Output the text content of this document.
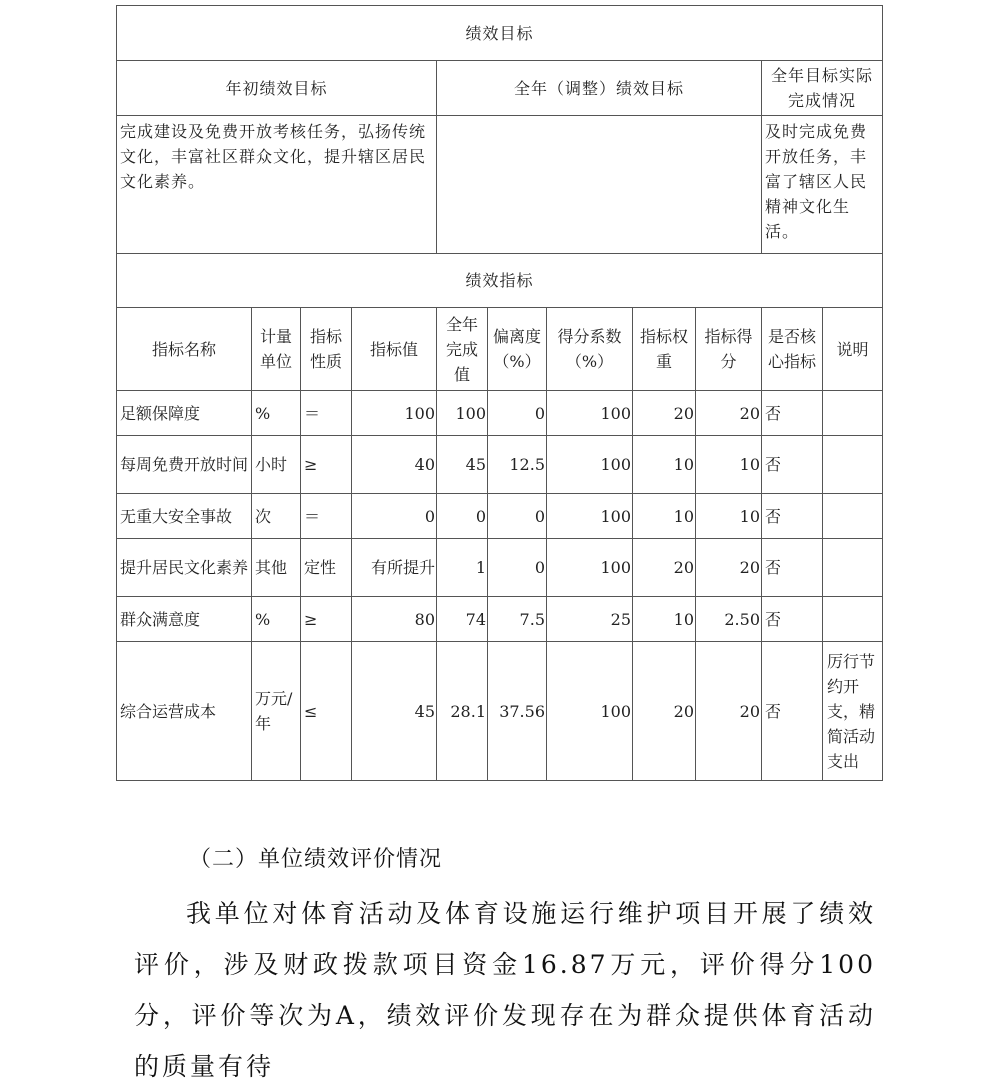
绩效目标										
年初绩效目标				全年（调整）绩效目标					全年目标实际完成情况	
完成建设及免费开放考核任务，弘扬传统文化，丰富社区群众文化，提升辖区居民文化素养。									及时完成免费开放任务，丰富了辖区人民精神文化生活。	
绩效指标										
指标名称	计量单位	指标性质	指标值	全年完成值	偏离度（%）	得分系数（%）	指标权重	指标得分	是否核心指标	说明
足额保障度	%	＝	100	100	0	100	20	20	否	
每周免费开放时间	小时	≥	40	45	12.5	100	10	10	否	
无重大安全事故	次	＝	0	0	0	100	10	10	否	
提升居民文化素养	其他	定性	有所提升	1	0	100	20	20	否	
群众满意度	%	≥	80	74	7.5	25	10	2.50	否	
综合运营成本	万元/年	≤	45	28.1	37.56	100	20	20	否	厉行节约开支，精简活动支出
（二）单位绩效评价情况
我单位对体育活动及体育设施运行维护项目开展了绩效评价，涉及财政拨款项目资金16.87万元，评价得分100分，评价等次为A，绩效评价发现存在为群众提供体育活动的质量有待
